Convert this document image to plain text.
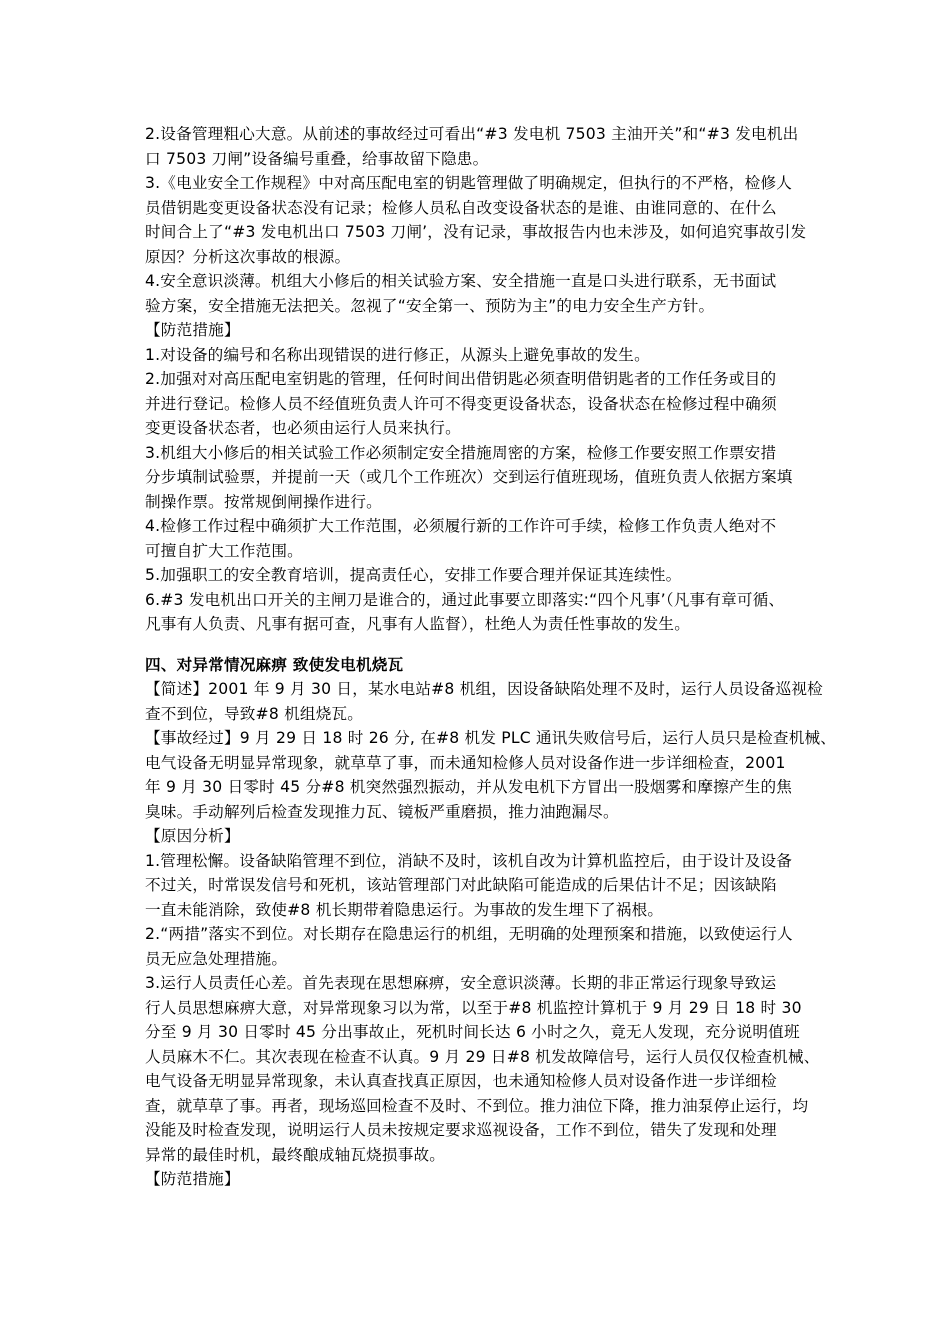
2.设备管理粗心大意。从前述的事故经过可看出“#3 发电机 7503 主油开关”和“#3 发电机出
口 7503 刀闸”设备编号重叠，给事故留下隐患。
3.《电业安全工作规程》中对高压配电室的钥匙管理做了明确规定，但执行的不严格，检修人
员借钥匙变更设备状态没有记录；检修人员私自改变设备状态的是谁、由谁同意的、在什么
时间合上了“#3 发电机出口 7503 刀闸’，没有记录，事故报告内也未涉及，如何追究事故引发
原因？分析这次事故的根源。
4.安全意识淡薄。机组大小修后的相关试验方案、安全措施一直是口头进行联系，无书面试
验方案，安全措施无法把关。忽视了“安全第一、预防为主”的电力安全生产方针。
【防范措施】
1.对设备的编号和名称出现错误的进行修正，从源头上避免事故的发生。
2.加强对对高压配电室钥匙的管理，任何时间出借钥匙必须查明借钥匙者的工作任务或目的
并进行登记。检修人员不经值班负责人许可不得变更设备状态，设备状态在检修过程中确须
变更设备状态者，也必须由运行人员来执行。
3.机组大小修后的相关试验工作必须制定安全措施周密的方案，检修工作要安照工作票安措
分步填制试验票，并提前一天（或几个工作班次）交到运行值班现场，值班负责人依据方案填
制操作票。按常规倒闸操作进行。
4.检修工作过程中确须扩大工作范围，必须履行新的工作许可手续，检修工作负责人绝对不
可擅自扩大工作范围。
5.加强职工的安全教育培训，提高责任心，安排工作要合理并保证其连续性。
6.#3 发电机出口开关的主闸刀是谁合的，通过此事要立即落实:“四个凡事’（凡事有章可循、
凡事有人负责、凡事有据可查，凡事有人监督），杜绝人为责任性事故的发生。
四、对异常情况麻痹 致使发电机烧瓦
【简述】2001 年 9 月 30 日，某水电站#8 机组，因设备缺陷处理不及时，运行人员设备巡视检
查不到位，导致#8 机组烧瓦。
【事故经过】9 月 29 日 18 时 26 分, 在#8 机发 PLC 通讯失败信号后，运行人员只是检查机械、
电气设备无明显异常现象，就草草了事，而未通知检修人员对设备作进一步详细检查，2001
年 9 月 30 日零时 45 分#8 机突然强烈振动，并从发电机下方冒出一股烟雾和摩擦产生的焦
臭味。手动解列后检查发现推力瓦、镜板严重磨损，推力油跑漏尽。
【原因分析】
1.管理松懈。设备缺陷管理不到位，消缺不及时，该机自改为计算机监控后，由于设计及设备
不过关，时常误发信号和死机，该站管理部门对此缺陷可能造成的后果估计不足；因该缺陷
一直未能消除，致使#8 机长期带着隐患运行。为事故的发生埋下了祸根。
2.“两措”落实不到位。对长期存在隐患运行的机组，无明确的处理预案和措施，以致使运行人
员无应急处理措施。
3.运行人员责任心差。首先表现在思想麻痹，安全意识淡薄。长期的非正常运行现象导致运
行人员思想麻痹大意，对异常现象习以为常，以至于#8 机监控计算机于 9 月 29 日 18 时 30
分至 9 月 30 日零时 45 分出事故止，死机时间长达 6 小时之久，竟无人发现，充分说明值班
人员麻木不仁。其次表现在检查不认真。9 月 29 日#8 机发故障信号，运行人员仅仅检查机械、
电气设备无明显异常现象，未认真查找真正原因，也未通知检修人员对设备作进一步详细检
查，就草草了事。再者，现场巡回检查不及时、不到位。推力油位下降，推力油泵停止运行，均
没能及时检查发现，说明运行人员未按规定要求巡视设备，工作不到位，错失了发现和处理
异常的最佳时机，最终酿成轴瓦烧损事故。
【防范措施】
